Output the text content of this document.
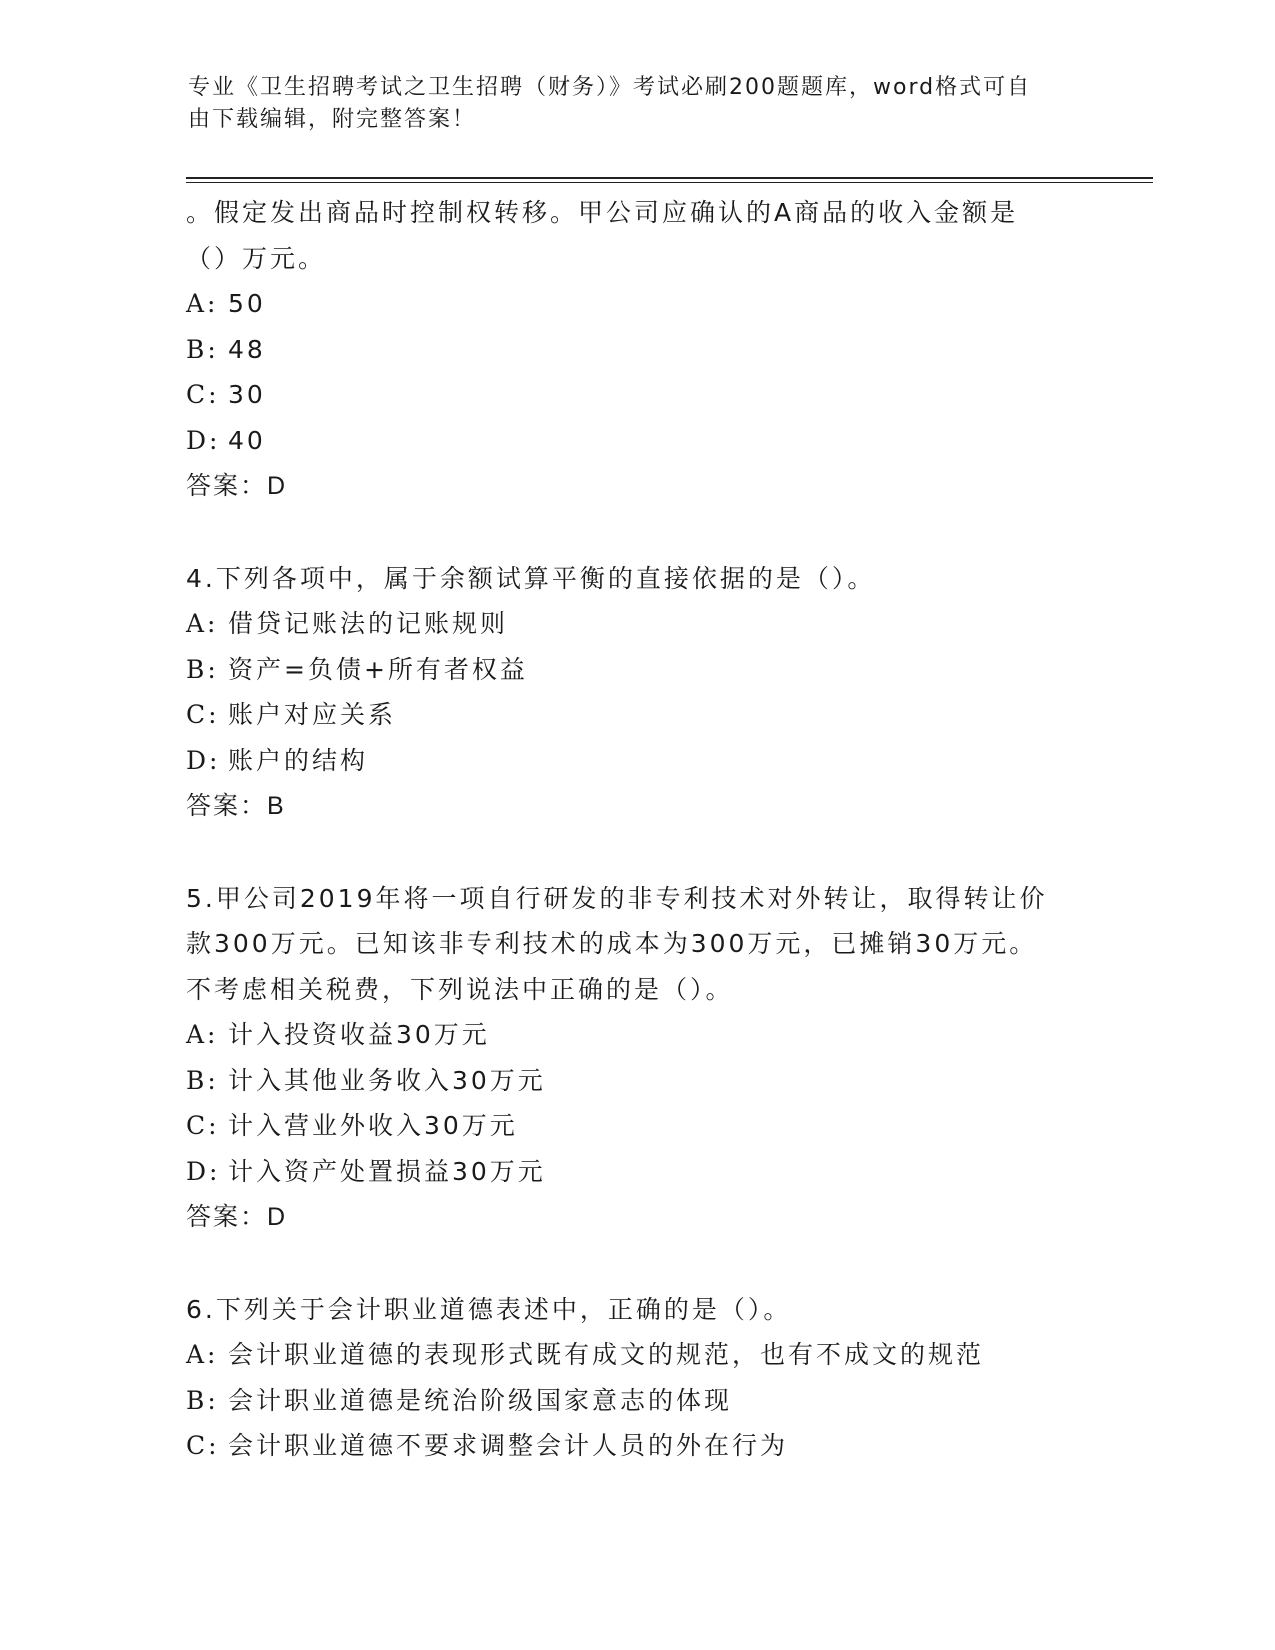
专业《卫生招聘考试之卫生招聘（财务）》考试必刷200题题库，word格式可自
由下载编辑，附完整答案！
。假定发出商品时控制权转移。甲公司应确认的A商品的收入金额是
（）万元。
A: 50
B: 48
C: 30
D: 40
答案：D
4.下列各项中，属于余额试算平衡的直接依据的是（）。
A: 借贷记账法的记账规则
B: 资产=负债+所有者权益
C: 账户对应关系
D: 账户的结构
答案：B
5.甲公司2019年将一项自行研发的非专利技术对外转让，取得转让价
款300万元。已知该非专利技术的成本为300万元，已摊销30万元。
不考虑相关税费，下列说法中正确的是（）。
A: 计入投资收益30万元
B: 计入其他业务收入30万元
C: 计入营业外收入30万元
D: 计入资产处置损益30万元
答案：D
6.下列关于会计职业道德表述中，正确的是（）。
A: 会计职业道德的表现形式既有成文的规范，也有不成文的规范
B: 会计职业道德是统治阶级国家意志的体现
C: 会计职业道德不要求调整会计人员的外在行为
